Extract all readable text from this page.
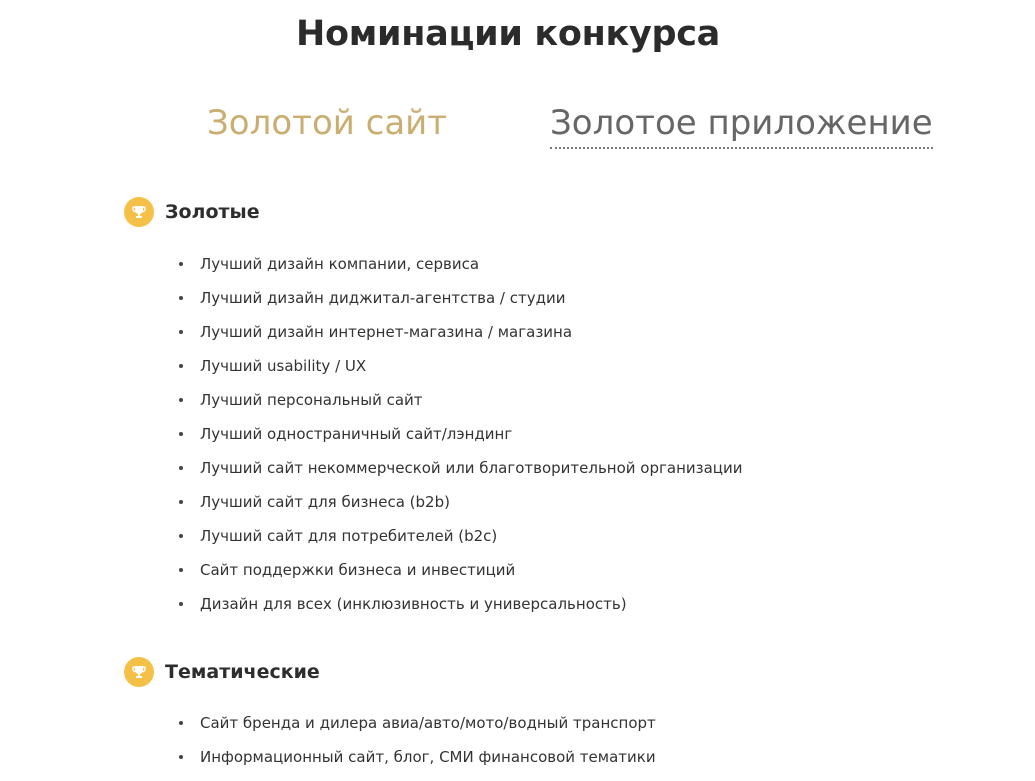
Номинации конкурса
Золотой сайт	Золотое приложение
Золотые
Лучший дизайн компании, сервиса
Лучший дизайн диджитал-агентства / студии
Лучший дизайн интернет-магазина / магазина
Лучший usability / UX
Лучший персональный сайт
Лучший одностраничный сайт/лэндинг
Лучший сайт некоммерческой или благотворительной организации
Лучший сайт для бизнеса (b2b)
Лучший сайт для потребителей (b2c)
Сайт поддержки бизнеса и инвестиций
Дизайн для всех (инклюзивность и универсальность)
Тематические
Сайт бренда и дилера авиа/авто/мото/водный транспорт
Информационный сайт, блог, СМИ финансовой тематики
